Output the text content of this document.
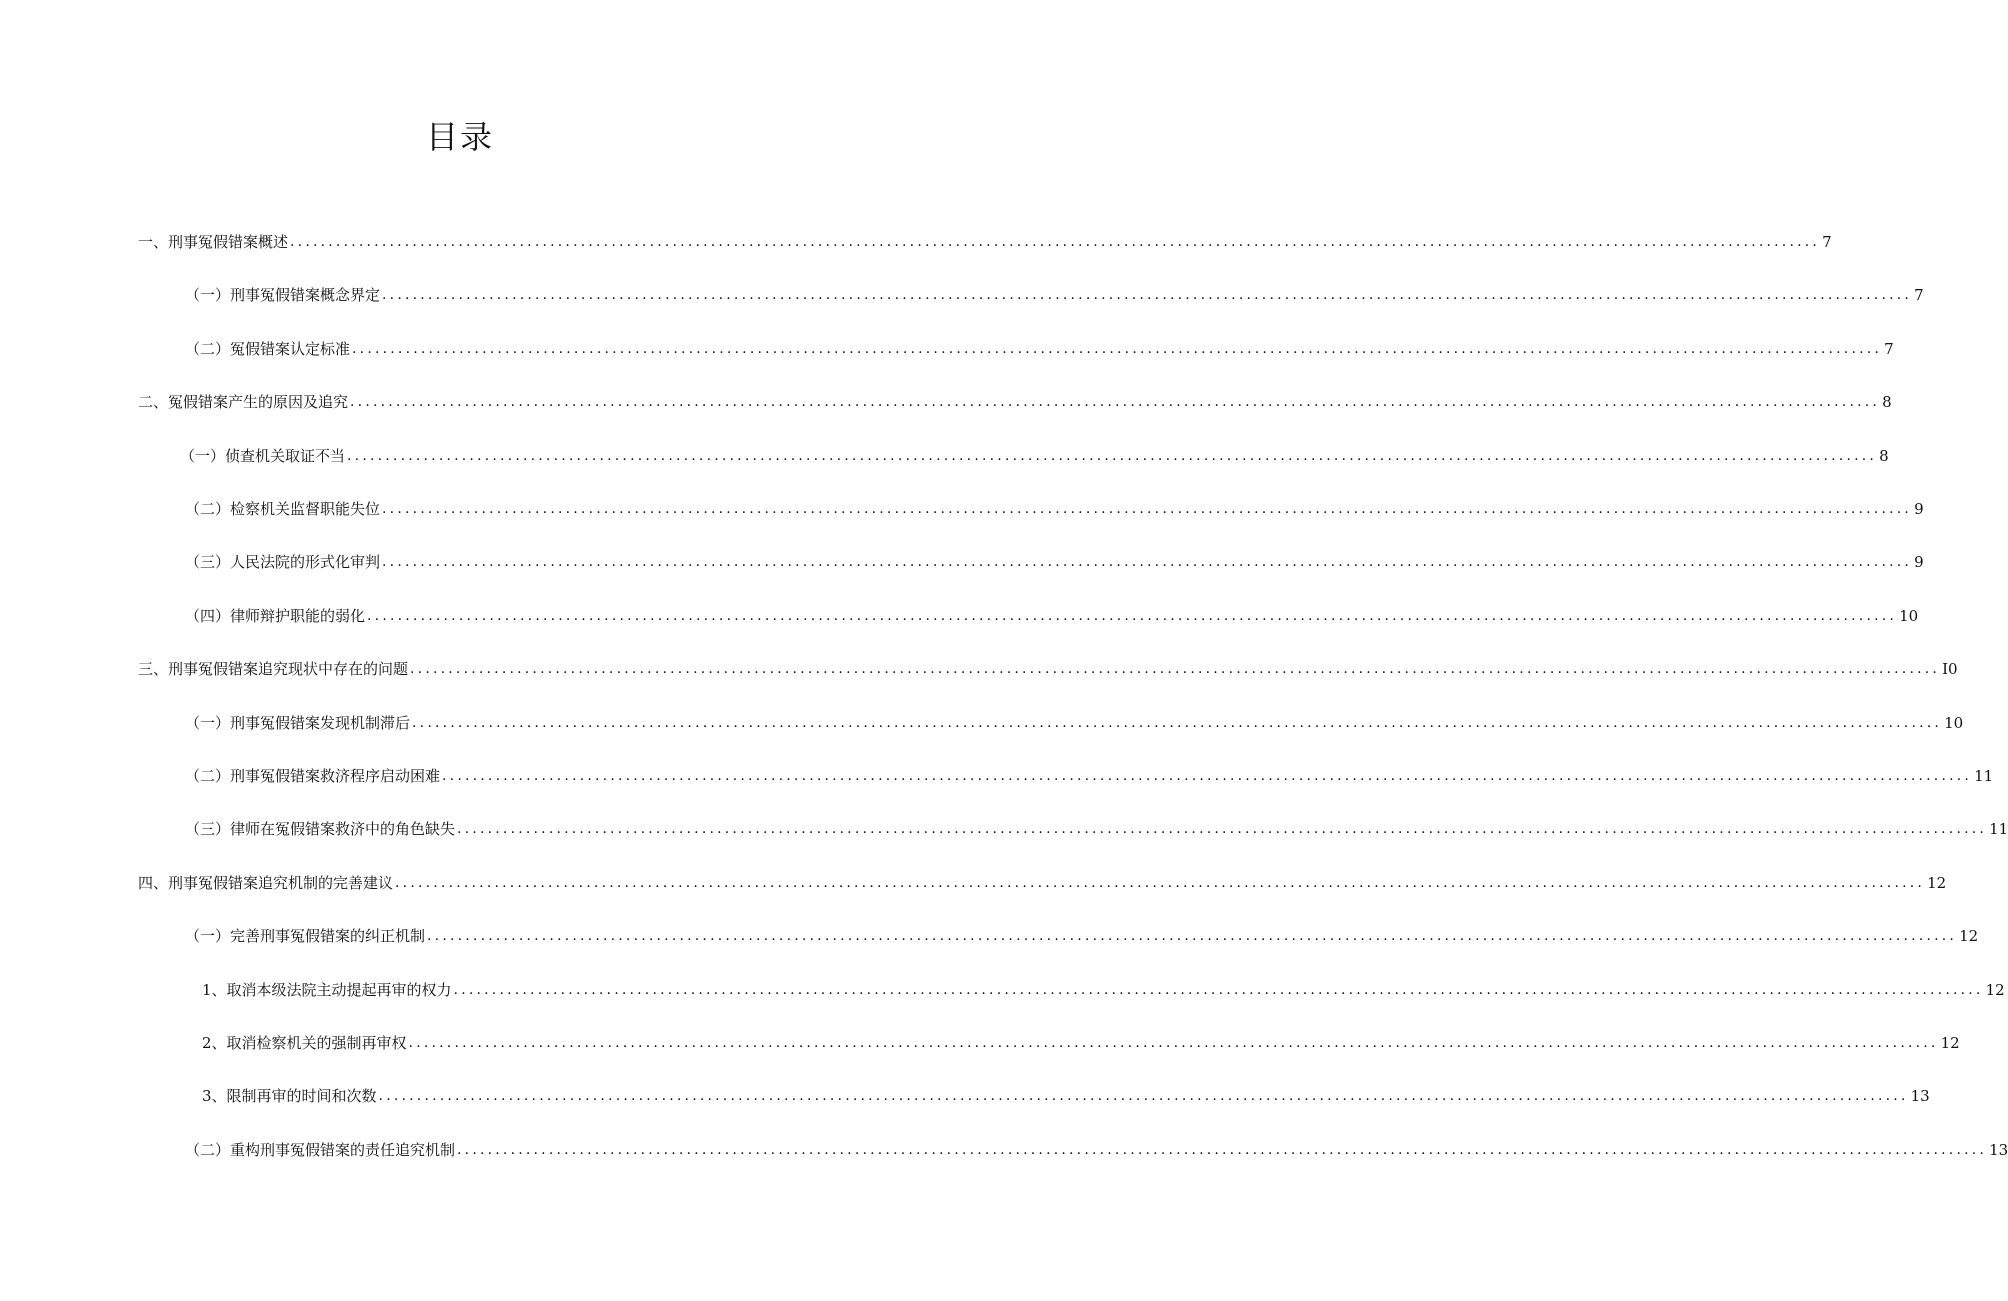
目录
一、刑事冤假错案概述 ........................................................................................................................................................................................................ 7
（一）刑事冤假错案概念界定 ........................................................................................................................................................................................................ 7
（二）冤假错案认定标准 ........................................................................................................................................................................................................ 7
二、冤假错案产生的原因及追究 ........................................................................................................................................................................................................ 8
（一）侦查机关取证不当 ........................................................................................................................................................................................................ 8
（二）检察机关监督职能失位 ........................................................................................................................................................................................................ 9
（三）人民法院的形式化审判 ........................................................................................................................................................................................................ 9
（四）律师辩护职能的弱化 ........................................................................................................................................................................................................ 10
三、刑事冤假错案追究现状中存在的问题 ........................................................................................................................................................................................................ I0
（一）刑事冤假错案发现机制滞后 ........................................................................................................................................................................................................ 10
（二）刑事冤假错案救济程序启动困难 ........................................................................................................................................................................................................ 11
（三）律师在冤假错案救济中的角色缺失 ........................................................................................................................................................................................................ 11
四、刑事冤假错案追究机制的完善建议 ........................................................................................................................................................................................................ 12
（一）完善刑事冤假错案的纠正机制 ........................................................................................................................................................................................................ 12
1、取消本级法院主动提起再审的权力 ........................................................................................................................................................................................................ 12
2、取消检察机关的强制再审权 ........................................................................................................................................................................................................ 12
3、限制再审的时间和次数 ........................................................................................................................................................................................................ 13
（二）重构刑事冤假错案的责任追究机制 ........................................................................................................................................................................................................ 13
